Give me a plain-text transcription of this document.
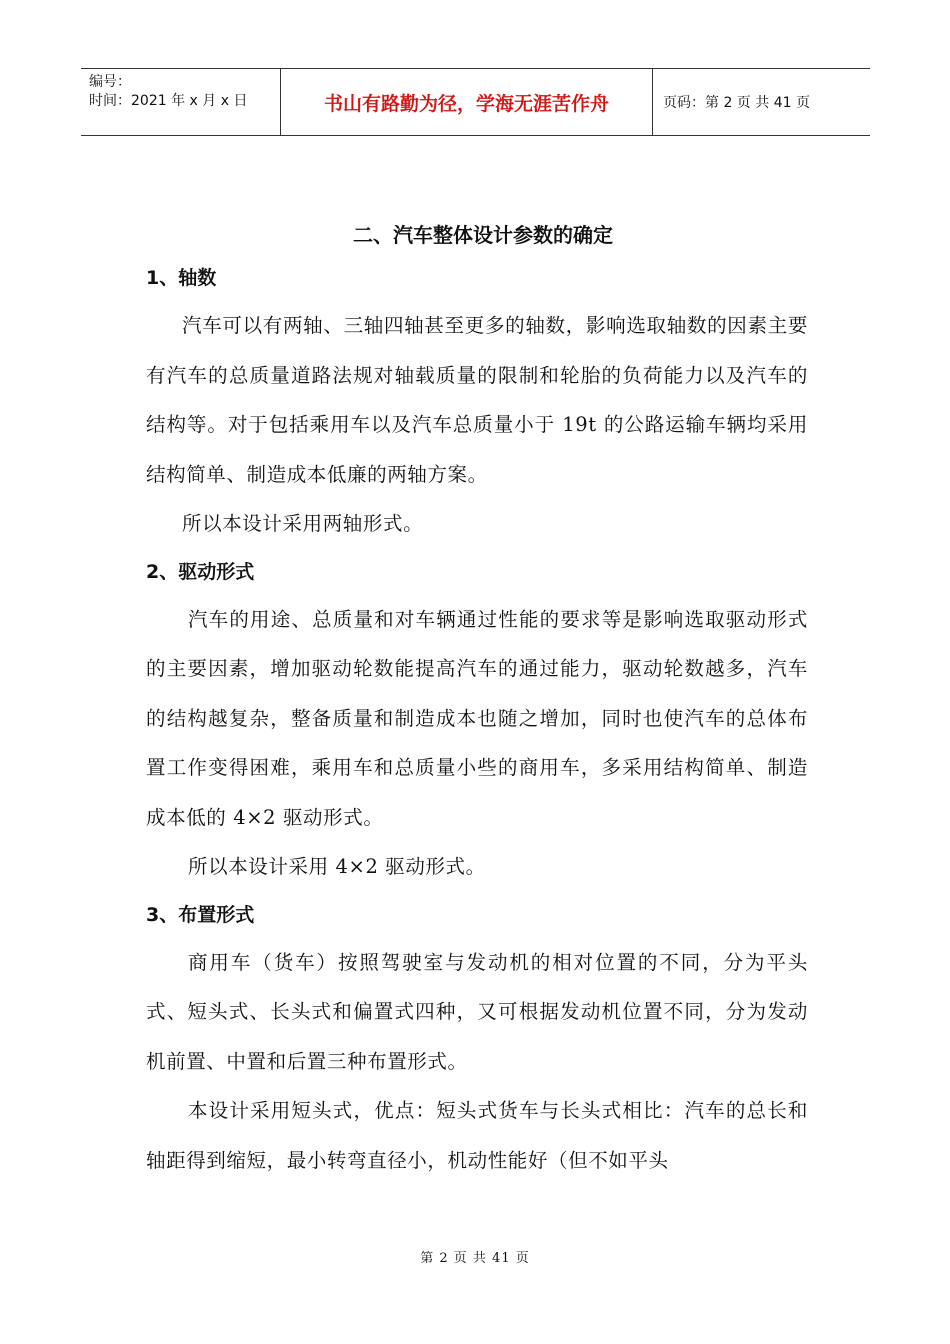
编号：
时间：2021 年 x 月 x 日	书山有路勤为径，学海无涯苦作舟	页码：第 2 页 共 41 页
二、汽车整体设计参数的确定
1、轴数

汽车可以有两轴、三轴四轴甚至更多的轴数，影响选取轴数的因素主要有汽车的总质量道路法规对轴载质量的限制和轮胎的负荷能力以及汽车的结构等。对于包括乘用车以及汽车总质量小于 19t 的公路运输车辆均采用结构简单、制造成本低廉的两轴方案。

所以本设计采用两轴形式。

2、驱动形式

汽车的用途、总质量和对车辆通过性能的要求等是影响选取驱动形式的主要因素，增加驱动轮数能提高汽车的通过能力，驱动轮数越多，汽车的结构越复杂，整备质量和制造成本也随之增加，同时也使汽车的总体布置工作变得困难，乘用车和总质量小些的商用车，多采用结构简单、制造成本低的 4×2 驱动形式。

所以本设计采用 4×2 驱动形式。

3、布置形式

商用车（货车）按照驾驶室与发动机的相对位置的不同，分为平头式、短头式、长头式和偏置式四种，又可根据发动机位置不同，分为发动机前置、中置和后置三种布置形式。

本设计采用短头式，优点：短头式货车与长头式相比：汽车的总长和轴距得到缩短，最小转弯直径小，机动性能好（但不如平头

第 2 页 共 41 页
